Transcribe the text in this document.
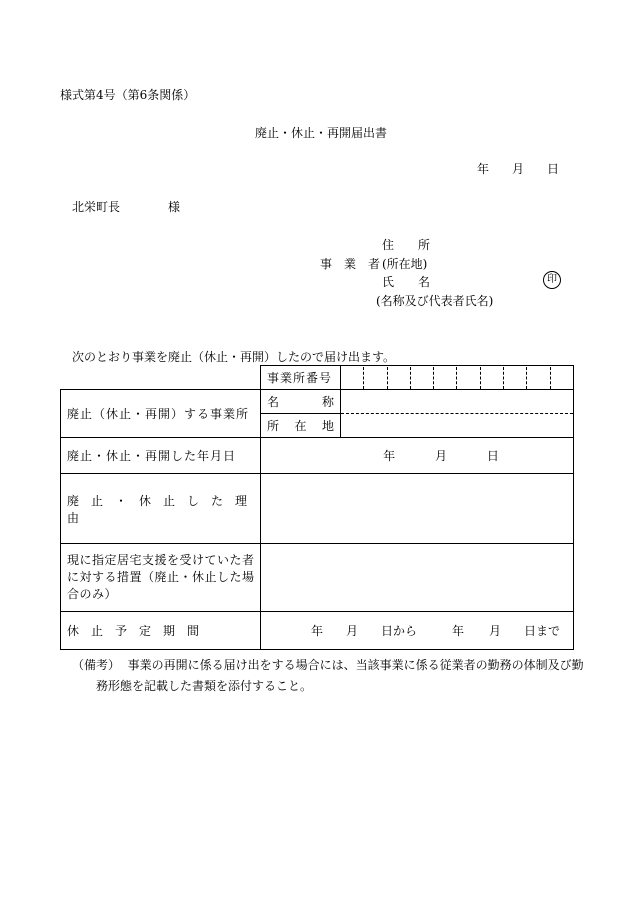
様式第4号（第6条関係）
廃止・休止・再開届出書
年 月 日
北栄町長	様
住　　所
事　業　者 (所在地)
氏　　名	印
(名称及び代表者氏名)
次のとおり事業を廃止（休止・再開）したので届け出ます。
	事業所番号	

廃止（休止・再開）する事業所	名 称	

	所 在 地	

廃止・休止・再開した年月日	年 月 日	
廃　止　・　休　止　し　た　理　由		
現に指定居宅支援を受けていた者に対する措置（廃止・休止した場合のみ）		
休　止　予　定　期　間	年 月 日から 年 月 日まで	
（備考） 事業の再開に係る届け出をする場合には、当該事業に係る従業者の勤務の体制及び勤
務形態を記載した書類を添付すること。
